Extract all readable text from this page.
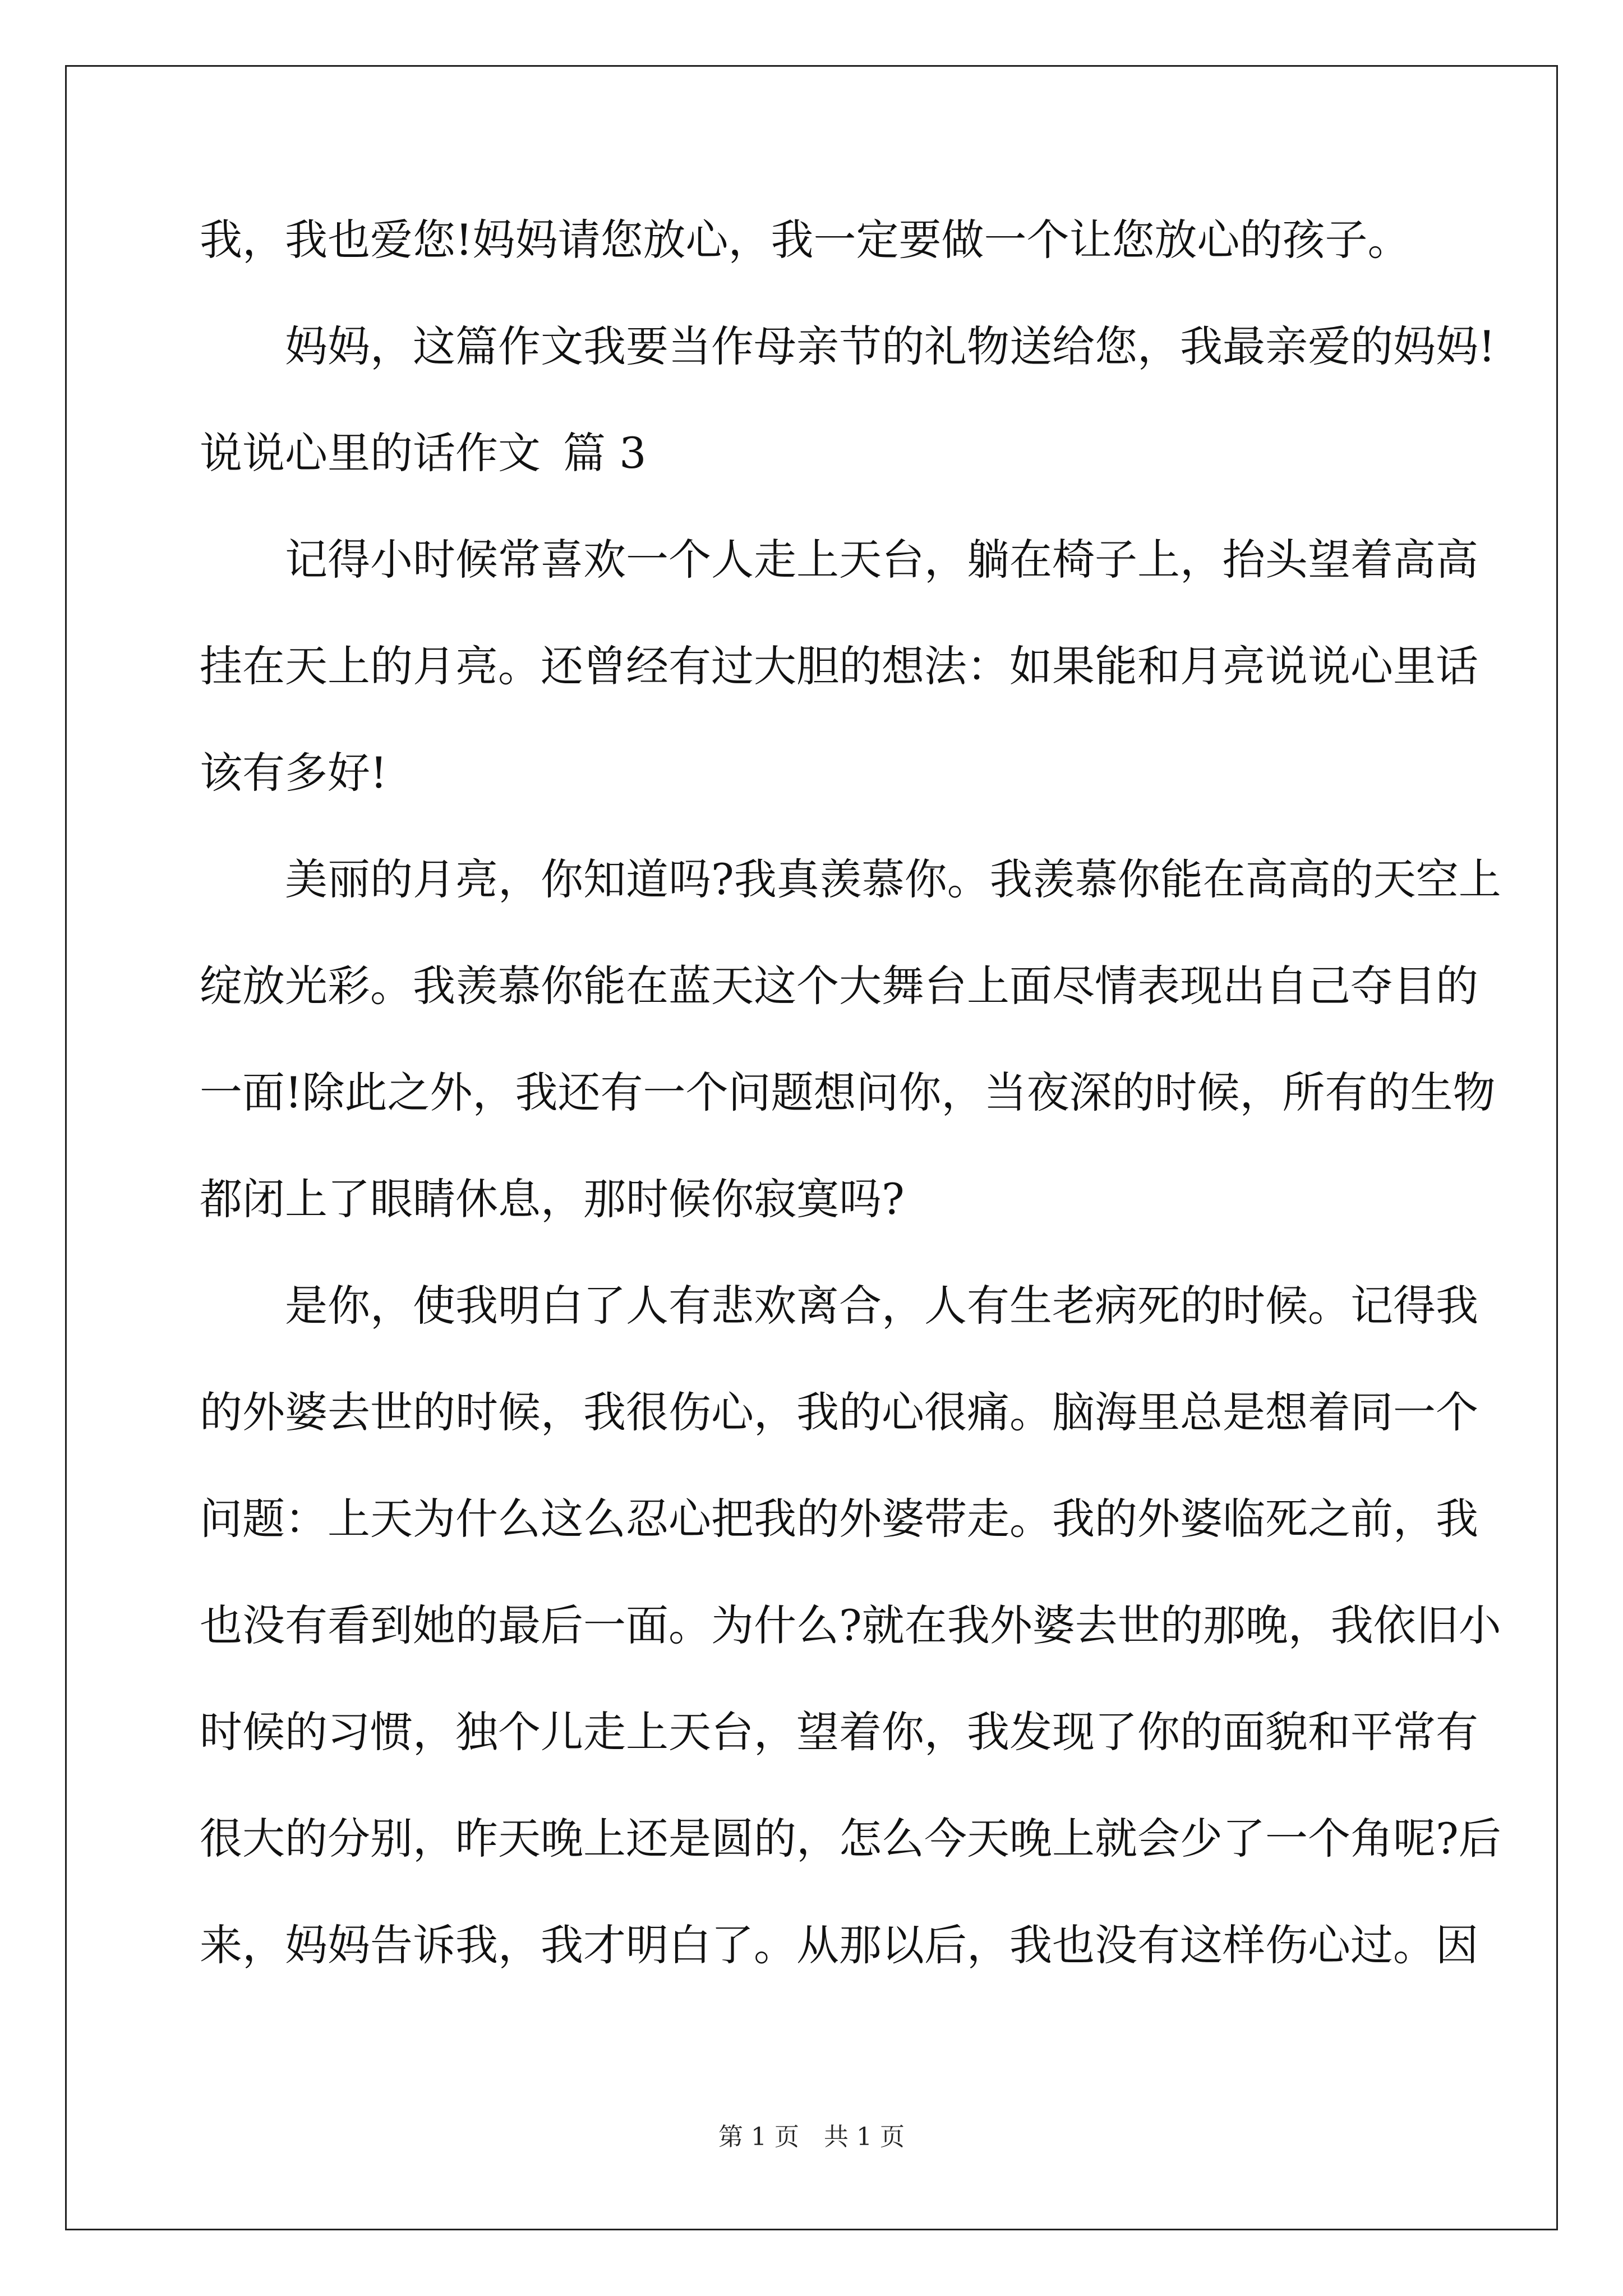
我，我也爱您!妈妈请您放心，我一定要做一个让您放心的孩子。
妈妈，这篇作文我要当作母亲节的礼物送给您，我最亲爱的妈妈!
说说心里的话作文 篇 3
记得小时候常喜欢一个人走上天台，躺在椅子上，抬头望着高高
挂在天上的月亮。还曾经有过大胆的想法：如果能和月亮说说心里话
该有多好!
美丽的月亮，你知道吗?我真羡慕你。我羡慕你能在高高的天空上
绽放光彩。我羡慕你能在蓝天这个大舞台上面尽情表现出自己夺目的
一面!除此之外，我还有一个问题想问你，当夜深的时候，所有的生物
都闭上了眼睛休息，那时候你寂寞吗?
是你，使我明白了人有悲欢离合，人有生老病死的时候。记得我
的外婆去世的时候，我很伤心，我的心很痛。脑海里总是想着同一个
问题：上天为什么这么忍心把我的外婆带走。我的外婆临死之前，我
也没有看到她的最后一面。为什么?就在我外婆去世的那晚，我依旧小
时候的习惯，独个儿走上天台，望着你，我发现了你的面貌和平常有
很大的分别，昨天晚上还是圆的，怎么今天晚上就会少了一个角呢?后
来，妈妈告诉我，我才明白了。从那以后，我也没有这样伤心过。因
第 1 页 共 1 页
